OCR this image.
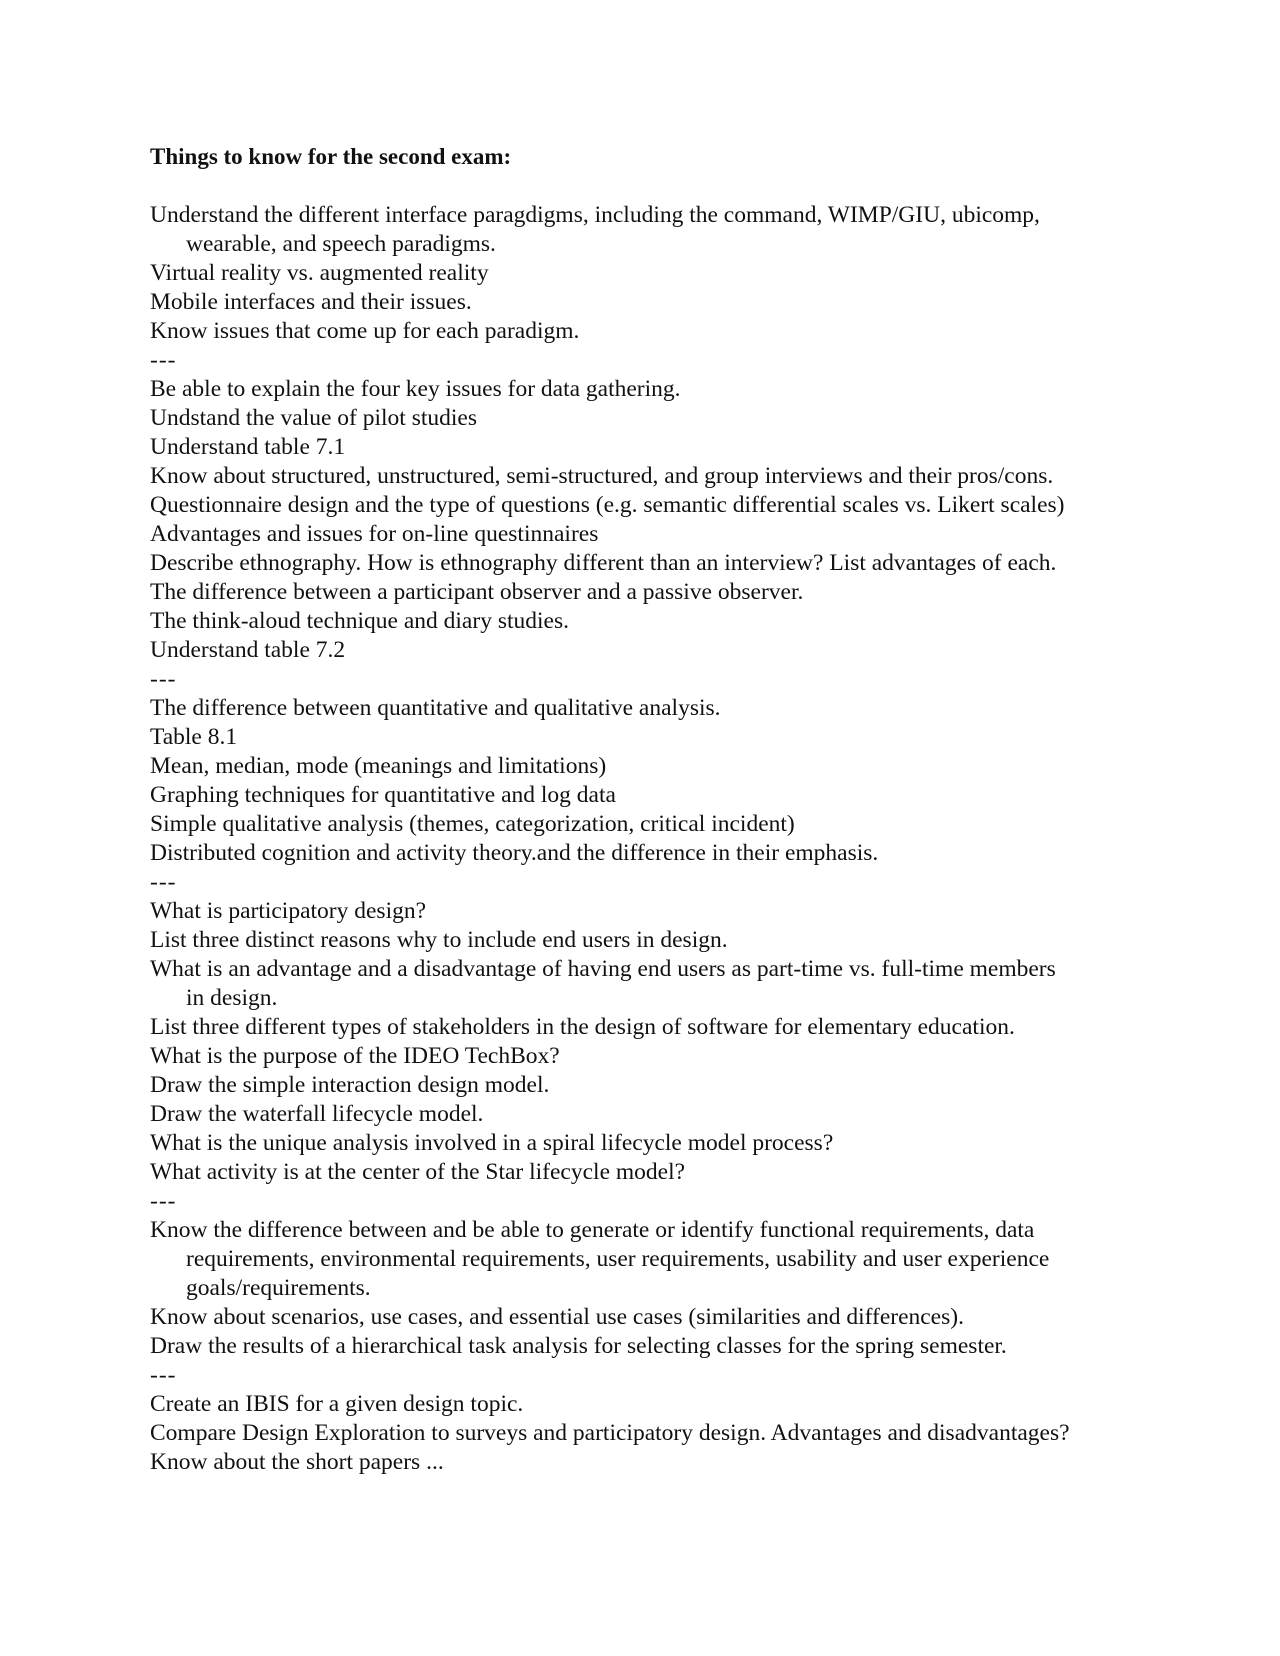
Things to know for the second exam:
Understand the different interface paragdigms, including the command, WIMP/GIU, ubicomp,
wearable, and speech paradigms.
Virtual reality vs. augmented reality
Mobile interfaces and their issues.
Know issues that come up for each paradigm.
---
Be able to explain the four key issues for data gathering.
Undstand the value of pilot studies
Understand table 7.1
Know about structured, unstructured, semi-structured, and group interviews and their pros/cons.
Questionnaire design and the type of questions (e.g. semantic differential scales vs. Likert scales)
Advantages and issues for on-line questinnaires
Describe ethnography. How is ethnography different than an interview? List advantages of each.
The difference between a participant observer and a passive observer.
The think-aloud technique and diary studies.
Understand table 7.2
---
The difference between quantitative and qualitative analysis.
Table 8.1
Mean, median, mode (meanings and limitations)
Graphing techniques for quantitative and log data
Simple qualitative analysis (themes, categorization, critical incident)
Distributed cognition and activity theory.and the difference in their emphasis.
---
What is participatory design?
List three distinct reasons why to include end users in design.
What is an advantage and a disadvantage of having end users as part-time vs. full-time members
in design.
List three different types of stakeholders in the design of software for elementary education.
What is the purpose of the IDEO TechBox?
Draw the simple interaction design model.
Draw the waterfall lifecycle model.
What is the unique analysis involved in a spiral lifecycle model process?
What activity is at the center of the Star lifecycle model?
---
Know the difference between and be able to generate or identify functional requirements, data
requirements, environmental requirements, user requirements, usability and user experience
goals/requirements.
Know about scenarios, use cases, and essential use cases (similarities and differences).
Draw the results of a hierarchical task analysis for selecting classes for the spring semester.
---
Create an IBIS for a given design topic.
Compare Design Exploration to surveys and participatory design. Advantages and disadvantages?
Know about the short papers ...
